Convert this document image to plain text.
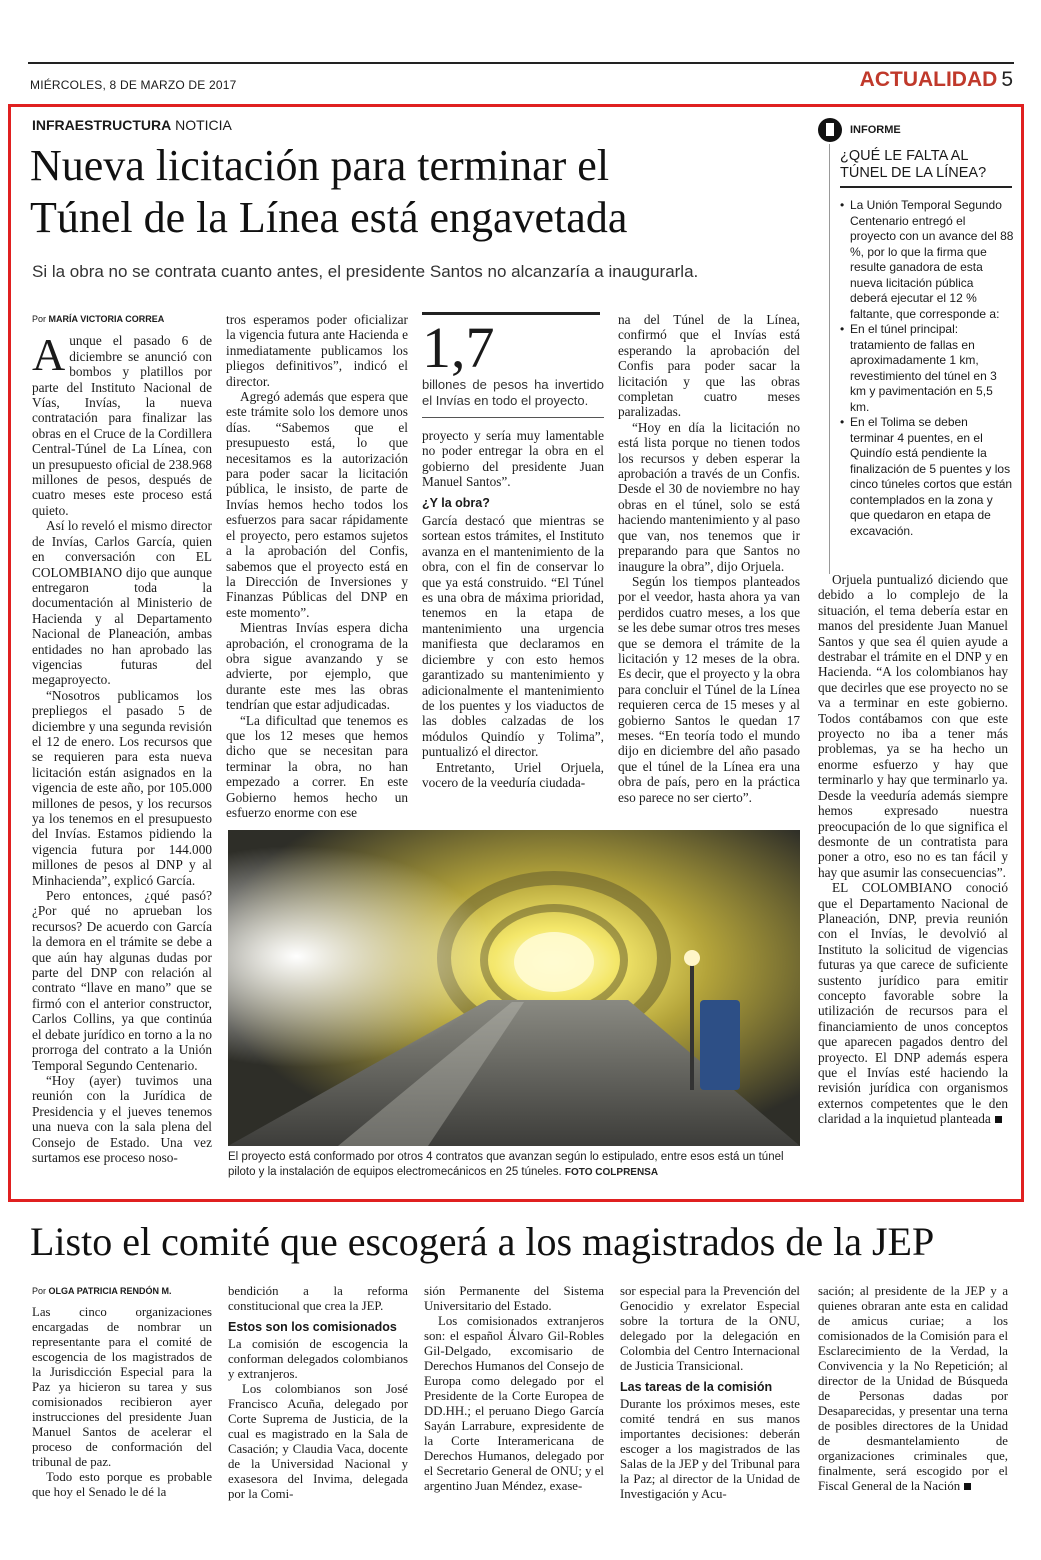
MIÉRCOLES, 8 DE MARZO DE 2017	ACTUALIDAD 5
INFRAESTRUCTURA NOTICIA
Nueva licitación para terminar el
Túnel de la Línea está engavetada
Si la obra no se contrata cuanto antes, el presidente Santos no alcanzaría a inaugurarla.
Por MARÍA VICTORIA CORREA

Aunque el pasado 6 de diciembre se anunció con bombos y platillos por parte del Instituto Nacional de Vías, Invías, la nueva contratación para finalizar las obras en el Cruce de la Cordillera Central-Túnel de La Línea, con un presupuesto oficial de 238.968 millones de pesos, después de cuatro meses este proceso está quieto.

Así lo reveló el mismo director de Invías, Carlos García, quien en conversación con EL COLOMBIANO dijo que aunque entregaron toda la documentación al Ministerio de Hacienda y al Departamento Nacional de Planeación, ambas entidades no han aprobado las vigencias futuras del megaproyecto.

“Nosotros publicamos los prepliegos el pasado 5 de diciembre y una segunda revisión el 12 de enero. Los recursos que se requieren para esta nueva licitación están asignados en la vigencia de este año, por 105.000 millones de pesos, y los recursos ya los tenemos en el presupuesto del Invías. Estamos pidiendo la vigencia futura por 144.000 millones de pesos al DNP y al Minhacienda”, explicó García.

Pero entonces, ¿qué pasó? ¿Por qué no aprueban los recursos? De acuerdo con García la demora en el trámite se debe a que aún hay algunas dudas por parte del DNP con relación al contrato “llave en mano” que se firmó con el anterior constructor, Carlos Collins, ya que continúa el debate jurídico en torno a la no prorroga del contrato a la Unión Temporal Segundo Centenario.

“Hoy (ayer) tuvimos una reunión con la Jurídica de Presidencia y el jueves tenemos una nueva con la sala plena del Consejo de Estado. Una vez surtamos ese proceso noso-

tros esperamos poder oficializar la vigencia futura ante Hacienda e inmediatamente publicamos los pliegos definitivos”, indicó el director.

Agregó además que espera que este trámite solo los demore unos días. “Sabemos que el presupuesto está, lo que necesitamos es la autorización para poder sacar la licitación pública, le insisto, de parte de Invías hemos hecho todos los esfuerzos para sacar rápidamente el proyecto, pero estamos sujetos a la aprobación del Confis, sabemos que el proyecto está en la Dirección de Inversiones y Finanzas Públicas del DNP en este momento”.

Mientras Invías espera dicha aprobación, el cronograma de la obra sigue avanzando y se advierte, por ejemplo, que durante este mes las obras tendrían que estar adjudicadas.

“La dificultad que tenemos es que los 12 meses que hemos dicho que se necesitan para terminar la obra, no han empezado a correr. En este Gobierno hemos hecho un esfuerzo enorme con ese

1,7
billones de pesos ha invertido el Invías en todo el proyecto.

proyecto y sería muy lamentable no poder entregar la obra en el gobierno del presidente Juan Manuel Santos”.

¿Y la obra?

García destacó que mientras se sortean estos trámites, el Instituto avanza en el mantenimiento de la obra, con el fin de conservar lo que ya está construido. “El Túnel es una obra de máxima prioridad, tenemos en la etapa de mantenimiento una urgencia manifiesta que declaramos en diciembre y con esto hemos garantizado su mantenimiento y adicionalmente el mantenimiento de los puentes y los viaductos de las dobles calzadas de los módulos Quindío y Tolima”, puntualizó el director.

Entretanto, Uriel Orjuela, vocero de la veeduría ciudada-

na del Túnel de la Línea, confirmó que el Invías está esperando la aprobación del Confis para poder sacar la licitación y que las obras completan cuatro meses paralizadas.

“Hoy en día la licitación no está lista porque no tienen todos los recursos y deben esperar la aprobación a través de un Confis. Desde el 30 de noviembre no hay obras en el túnel, solo se está haciendo mantenimiento y al paso que van, nos tenemos que ir preparando para que Santos no inaugure la obra”, dijo Orjuela.

Según los tiempos planteados por el veedor, hasta ahora ya van perdidos cuatro meses, a los que se les debe sumar otros tres meses que se demora el trámite de la licitación y 12 meses de la obra. Es decir, que el proyecto y la obra para concluir el Túnel de la Línea requieren cerca de 15 meses y al gobierno Santos le quedan 17 meses. “En teoría todo el mundo dijo en diciembre del año pasado que el túnel de la Línea era una obra de país, pero en la práctica eso parece no ser cierto”.

INFORME
¿QUÉ LE FALTA AL TÚNEL DE LA LÍNEA?
• La Unión Temporal Segundo Centenario entregó el proyecto con un avance del 88 %, por lo que la firma que resulte ganadora de esta nueva licitación pública deberá ejecutar el 12 % faltante, que corresponde a:
• En el túnel principal: tratamiento de fallas en aproximadamente 1 km, revestimiento del túnel en 3 km y pavimentación en 5,5 km.
• En el Tolima se deben terminar 4 puentes, en el Quindío está pendiente la finalización de 5 puentes y los cinco túneles cortos que están contemplados en la zona y que quedaron en etapa de excavación.

Orjuela puntualizó diciendo que debido a lo complejo de la situación, el tema debería estar en manos del presidente Juan Manuel Santos y que sea él quien ayude a destrabar el trámite en el DNP y en Hacienda. “A los colombianos hay que decirles que ese proyecto no se va a terminar en este gobierno. Todos contábamos con que este proyecto no iba a tener más problemas, ya se ha hecho un enorme esfuerzo y hay que terminarlo y hay que terminarlo ya. Desde la veeduría además siempre hemos expresado nuestra preocupación de lo que significa el desmonte de un contratista para poner a otro, eso no es tan fácil y hay que asumir las consecuencias”.

EL COLOMBIANO conoció que el Departamento Nacional de Planeación, DNP, previa reunión con el Invías, le devolvió al Instituto la solicitud de vigencias futuras ya que carece de suficiente sustento jurídico para emitir concepto favorable sobre la utilización de recursos para el financiamiento de unos conceptos que aparecen pagados dentro del proyecto. El DNP además espera que el Invías esté haciendo la revisión jurídica con organismos externos competentes que le den claridad a la inquietud planteada

El proyecto está conformado por otros 4 contratos que avanzan según lo estipulado, entre esos está un túnel piloto y la instalación de equipos electromecánicos en 25 túneles. FOTO COLPRENSA
Listo el comité que escogerá a los magistrados de la JEP
Por OLGA PATRICIA RENDÓN M.

Las cinco organizaciones encargadas de nombrar un representante para el comité de escogencia de los magistrados de la Jurisdicción Especial para la Paz ya hicieron su tarea y sus comisionados recibieron ayer instrucciones del presidente Juan Manuel Santos de acelerar el proceso de conformación del tribunal de paz.

Todo esto porque es probable que hoy el Senado le dé la

bendición a la reforma constitucional que crea la JEP.

Estos son los comisionados

La comisión de escogencia la conforman delegados colombianos y extranjeros.

Los colombianos son José Francisco Acuña, delegado por Corte Suprema de Justicia, de la cual es magistrado en la Sala de Casación; y Claudia Vaca, docente de la Universidad Nacional y exasesora del Invima, delegada por la Comi-

sión Permanente del Sistema Universitario del Estado.

Los comisionados extranjeros son: el español Álvaro Gil-Robles Gil-Delgado, excomisario de Derechos Humanos del Consejo de Europa como delegado por el Presidente de la Corte Europea de DD.HH.; el peruano Diego García Sayán Larrabure, expresidente de la Corte Interamericana de Derechos Humanos, delegado por el Secretario General de ONU; y el argentino Juan Méndez, exase-

sor especial para la Prevención del Genocidio y exrelator Especial sobre la tortura de la ONU, delegado por la delegación en Colombia del Centro Internacional de Justicia Transicional.

Las tareas de la comisión

Durante los próximos meses, este comité tendrá en sus manos importantes decisiones: deberán escoger a los magistrados de las Salas de la JEP y del Tribunal para la Paz; al director de la Unidad de Investigación y Acu-

sación; al presidente de la JEP y a quienes obraran ante esta en calidad de amicus curiae; a los comisionados de la Comisión para el Esclarecimiento de la Verdad, la Convivencia y la No Repetición; al director de la Unidad de Búsqueda de Personas dadas por Desaparecidas, y presentar una terna de posibles directores de la Unidad de desmantelamiento de organizaciones criminales que, finalmente, será escogido por el Fiscal General de la Nación
